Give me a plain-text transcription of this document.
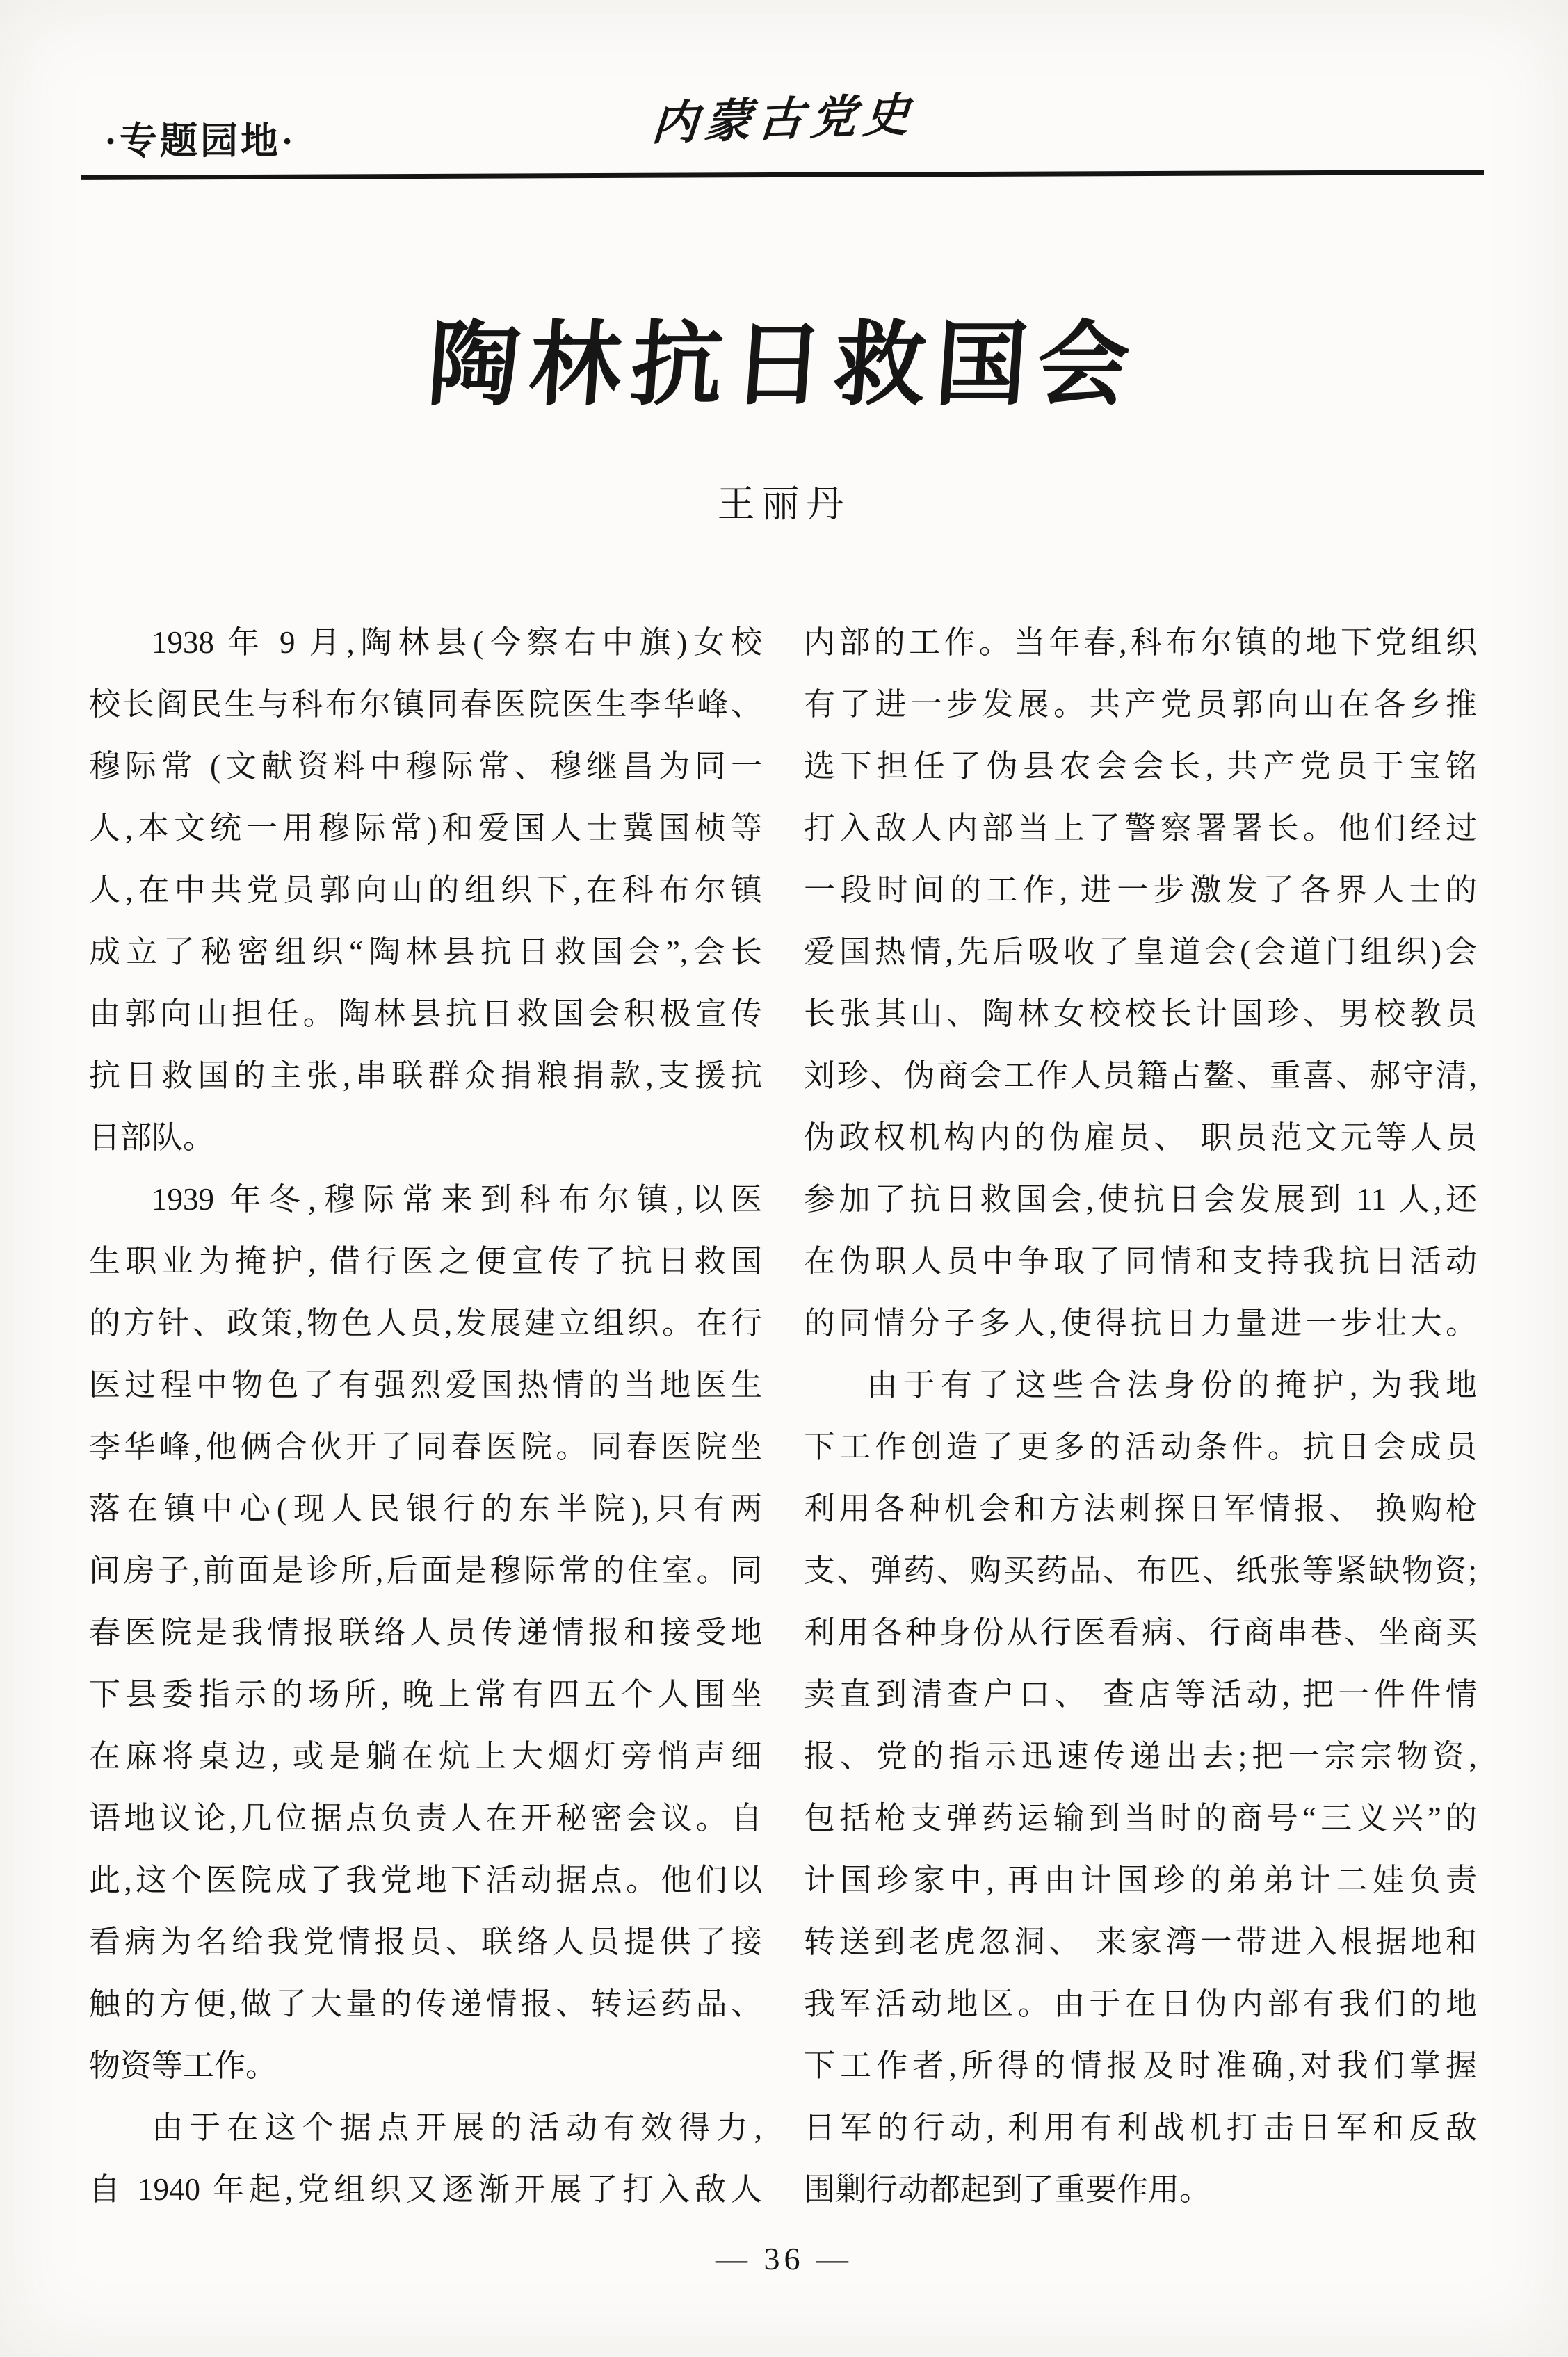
·专题园地·	内蒙古党史
陶林抗日救国会
王丽丹
1938 年 9 月,陶林县(今察右中旗)女校
校长阎民生与科布尔镇同春医院医生李华峰、
穆际常 (文献资料中穆际常、穆继昌为同一
人,本文统一用穆际常)和爱国人士冀国桢等
人,在中共党员郭向山的组织下,在科布尔镇
成立了秘密组织“陶林县抗日救国会”,会长
由郭向山担任。陶林县抗日救国会积极宣传
抗日救国的主张,串联群众捐粮捐款,支援抗
日部队。
1939 年冬,穆际常来到科布尔镇,以医
生职业为掩护, 借行医之便宣传了抗日救国
的方针、政策,物色人员,发展建立组织。在行
医过程中物色了有强烈爱国热情的当地医生
李华峰,他俩合伙开了同春医院。同春医院坐
落在镇中心(现人民银行的东半院),只有两
间房子,前面是诊所,后面是穆际常的住室。同
春医院是我情报联络人员传递情报和接受地
下县委指示的场所, 晚上常有四五个人围坐
在麻将桌边, 或是躺在炕上大烟灯旁悄声细
语地议论,几位据点负责人在开秘密会议。自
此,这个医院成了我党地下活动据点。他们以
看病为名给我党情报员、联络人员提供了接
触的方便,做了大量的传递情报、转运药品、
物资等工作。
由于在这个据点开展的活动有效得力,
自 1940 年起,党组织又逐渐开展了打入敌人
内部的工作。当年春,科布尔镇的地下党组织
有了进一步发展。共产党员郭向山在各乡推
选下担任了伪县农会会长, 共产党员于宝铭
打入敌人内部当上了警察署署长。他们经过
一段时间的工作, 进一步激发了各界人士的
爱国热情,先后吸收了皇道会(会道门组织)会
长张其山、陶林女校校长计国珍、男校教员
刘珍、伪商会工作人员籍占鳌、重喜、郝守清,
伪政权机构内的伪雇员、 职员范文元等人员
参加了抗日救国会,使抗日会发展到 11 人,还
在伪职人员中争取了同情和支持我抗日活动
的同情分子多人,使得抗日力量进一步壮大。
由于有了这些合法身份的掩护, 为我地
下工作创造了更多的活动条件。抗日会成员
利用各种机会和方法刺探日军情报、 换购枪
支、弹药、购买药品、布匹、纸张等紧缺物资;
利用各种身份从行医看病、行商串巷、坐商买
卖直到清查户口、 查店等活动, 把一件件情
报、党的指示迅速传递出去;把一宗宗物资,
包括枪支弹药运输到当时的商号“三义兴”的
计国珍家中, 再由计国珍的弟弟计二娃负责
转送到老虎忽洞、 来家湾一带进入根据地和
我军活动地区。由于在日伪内部有我们的地
下工作者,所得的情报及时准确,对我们掌握
日军的行动, 利用有利战机打击日军和反敌
围剿行动都起到了重要作用。
— 36 —
